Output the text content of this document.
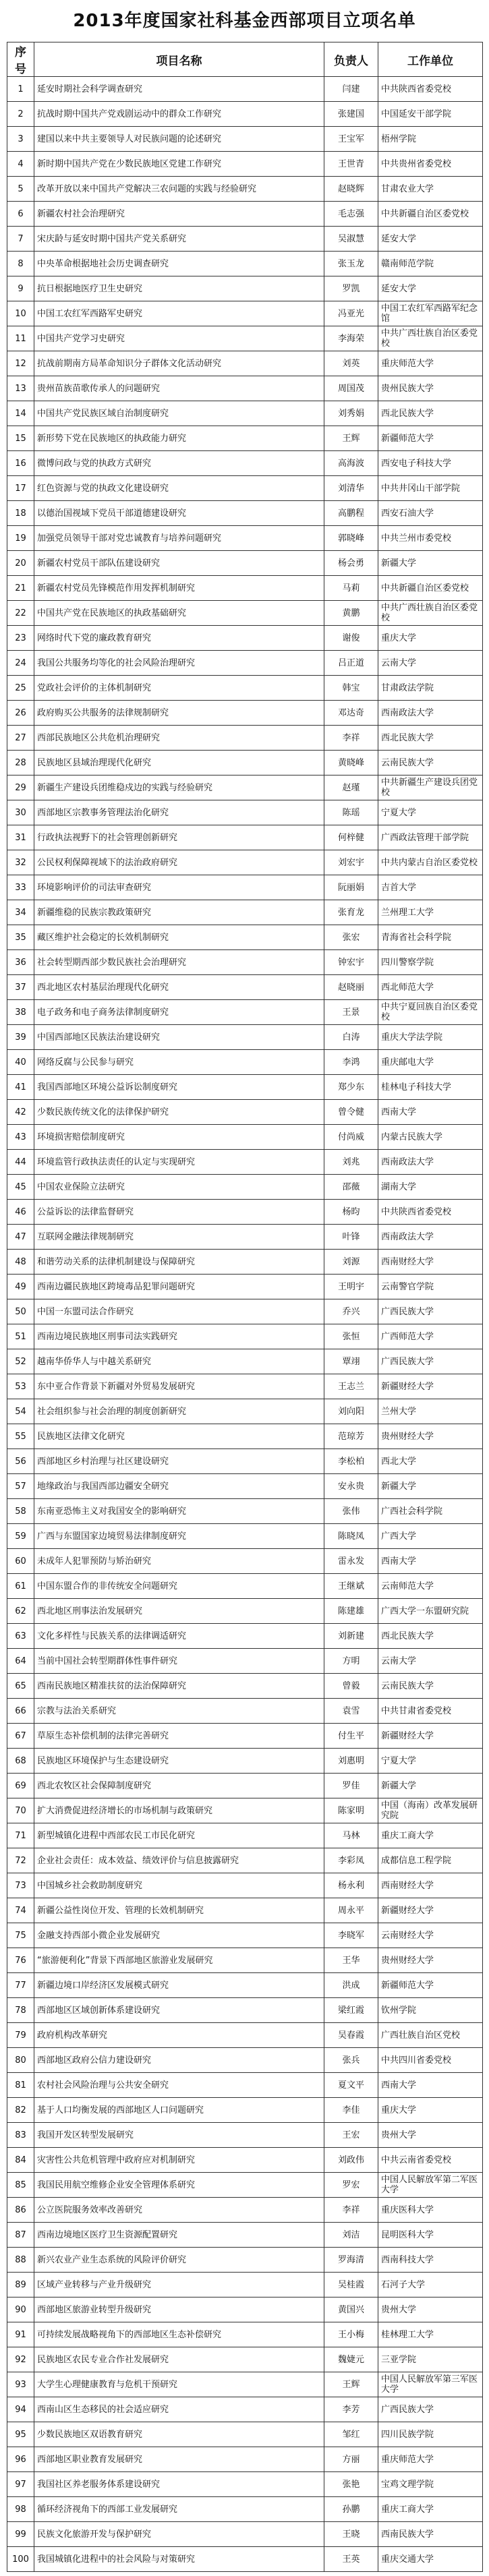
2013年度国家社科基金西部项目立项名单
序号	项目名称	负责人	工作单位
1	延安时期社会科学调查研究	闫建	中共陕西省委党校
2	抗战时期中国共产党戏剧运动中的群众工作研究	张建国	中国延安干部学院
3	建国以来中共主要领导人对民族问题的论述研究	王宝军	梧州学院
4	新时期中国共产党在少数民族地区党建工作研究	王世青	中共贵州省委党校
5	改革开放以来中国共产党解决三农问题的实践与经验研究	赵晓辉	甘肃农业大学
6	新疆农村社会治理研究	毛志强	中共新疆自治区委党校
7	宋庆龄与延安时期中国共产党关系研究	吴淑慧	延安大学
8	中央革命根据地社会历史调查研究	张玉龙	赣南师范学院
9	抗日根据地医疗卫生史研究	罗凯	延安大学
10	中国工农红军西路军史研究	冯亚光	中国工农红军西路军纪念馆
11	中国共产党学习史研究	李海荣	中共广西壮族自治区委党校
12	抗战前期南方局革命知识分子群体文化活动研究	刘英	重庆师范大学
13	贵州苗族苗歌传承人的问题研究	周国茂	贵州民族大学
14	中国共产党民族区域自治制度研究	刘秀娟	西北民族大学
15	新形势下党在民族地区的执政能力研究	王辉	新疆师范大学
16	微博问政与党的执政方式研究	高海波	西安电子科技大学
17	红色资源与党的执政文化建设研究	刘清华	中共井冈山干部学院
18	以德治国视域下党员干部道德建设研究	高鹏程	西安石油大学
19	加强党员领导干部对党忠诚教育与培养问题研究	郭晓峰	中共兰州市委党校
20	新疆农村党员干部队伍建设研究	杨会勇	新疆大学
21	新疆农村党员先锋模范作用发挥机制研究	马莉	中共新疆自治区委党校
22	中国共产党在民族地区的执政基础研究	黄鹏	中共广西壮族自治区委党校
23	网络时代下党的廉政教育研究	谢俊	重庆大学
24	我国公共服务均等化的社会风险治理研究	吕正道	云南大学
25	党政社会评价的主体机制研究	韩宝	甘肃政法学院
26	政府购买公共服务的法律规制研究	邓达奇	西南政法大学
27	西部民族地区公共危机治理研究	李祥	西北民族大学
28	民族地区县域治理现代化研究	黄晓峰	云南民族大学
29	新疆生产建设兵团维稳戍边的实践与经验研究	赵瑾	中共新疆生产建设兵团党校
30	西部地区宗教事务管理法治化研究	陈瑶	宁夏大学
31	行政执法视野下的社会管理创新研究	何梓健	广西政法管理干部学院
32	公民权利保障视域下的法治政府研究	刘宏宇	中共内蒙古自治区委党校
33	环境影响评价的司法审查研究	阮丽娟	吉首大学
34	新疆维稳的民族宗教政策研究	张育龙	兰州理工大学
35	藏区维护社会稳定的长效机制研究	张宏	青海省社会科学院
36	社会转型期西部少数民族社会治理研究	钟宏宇	四川警察学院
37	西北地区农村基层治理现代化研究	赵晓丽	西北师范大学
38	电子政务和电子商务法律制度研究	王景	中共宁夏回族自治区委党校
39	中国西部地区民族法治建设研究	白涛	重庆大学法学院
40	网络反腐与公民参与研究	李鸿	重庆邮电大学
41	我国西部地区环境公益诉讼制度研究	郑少东	桂林电子科技大学
42	少数民族传统文化的法律保护研究	曾令健	西南大学
43	环境损害赔偿制度研究	付尚威	内蒙古民族大学
44	环境监管行政执法责任的认定与实现研究	刘兆	西南政法大学
45	中国农业保险立法研究	邵薇	湖南大学
46	公益诉讼的法律监督研究	杨昀	中共陕西省委党校
47	互联网金融法律规制研究	叶锋	西南政法大学
48	和谐劳动关系的法律机制建设与保障研究	刘源	西南财经大学
49	西南边疆民族地区跨境毒品犯罪问题研究	王明宇	云南警官学院
50	中国一东盟司法合作研究	乔兴	广西民族大学
51	西南边境民族地区刑事司法实践研究	张恒	广西师范大学
52	越南华侨华人与中越关系研究	覃翊	广西民族大学
53	东中亚合作背景下新疆对外贸易发展研究	王志兰	新疆财经大学
54	社会组织参与社会治理的制度创新研究	刘向阳	兰州大学
55	民族地区法律文化研究	范琼芳	贵州财经大学
56	西部地区乡村治理与社区建设研究	李松柏	西北大学
57	地缘政治与我国西部边疆安全研究	安永贵	新疆大学
58	东南亚恐怖主义对我国安全的影响研究	张伟	广西社会科学院
59	广西与东盟国家边境贸易法律制度研究	陈晓凤	广西大学
60	未成年人犯罪预防与矫治研究	雷永发	西南大学
61	中国东盟合作的非传统安全问题研究	王继斌	云南师范大学
62	西北地区刑事法治发展研究	陈建雄	广西大学一东盟研究院
63	文化多样性与民族关系的法律调适研究	刘新建	西北民族大学
64	当前中国社会转型期群体性事件研究	方明	云南大学
65	西南民族地区精准扶贫的法治保障研究	曾毅	云南民族大学
66	宗教与法治关系研究	袁雪	中共甘肃省委党校
67	草原生态补偿机制的法律完善研究	付生平	新疆财经大学
68	民族地区环境保护与生态建设研究	刘惠明	宁夏大学
69	西北农牧区社会保障制度研究	罗佳	新疆大学
70	扩大消费促进经济增长的市场机制与政策研究	陈家明	中国（海南）改革发展研究院
71	新型城镇化进程中西部农民工市民化研究	马林	重庆工商大学
72	企业社会责任：成本效益、绩效评价与信息披露研究	李彩凤	成都信息工程学院
73	中国城乡社会救助制度研究	杨永利	西南财经大学
74	新疆公益性岗位开发、管理的长效机制研究	周永平	新疆财经大学
75	金融支持西部小微企业发展研究	李晓军	云南财经大学
76	“旅游便利化”背景下西部地区旅游业发展研究	王华	贵州财经大学
77	新疆边境口岸经济区发展模式研究	洪成	新疆师范大学
78	西部地区区域创新体系建设研究	梁红霞	钦州学院
79	政府机构改革研究	吴春霞	广西壮族自治区党校
80	西部地区政府公信力建设研究	张兵	中共四川省委党校
81	农村社会风险治理与公共安全研究	夏文平	西南大学
82	基于人口均衡发展的西部地区人口问题研究	李佳	重庆大学
83	我国开发区转型发展研究	王宏	贵州大学
84	灾害性公共危机管理中政府应对机制研究	刘政伟	中共云南省委党校
85	我国民用航空维修企业安全管理体系研究	罗宏	中国人民解放军第二军医大学
86	公立医院服务效率改善研究	李祥	重庆医科大学
87	西南边境地区医疗卫生资源配置研究	刘洁	昆明医科大学
88	新兴农业产业生态系统的风险评价研究	罗海清	西南科技大学
89	区域产业转移与产业升级研究	吴桂霞	石河子大学
90	西部地区旅游业转型升级研究	黄国兴	贵州大学
91	可持续发展战略视角下的西部地区生态补偿研究	王小梅	桂林理工大学
92	民族地区农民专业合作社发展研究	魏婕元	三亚学院
93	大学生心理健康教育与危机干预研究	王辉	中国人民解放军第三军医大学
94	西南山区生态移民的社会适应研究	李芳	广西民族大学
95	少数民族地区双语教育研究	邹红	四川民族学院
96	西部地区职业教育发展研究	方丽	重庆师范大学
97	我国社区养老服务体系建设研究	张艳	宝鸡文理学院
98	循环经济视角下的西部工业发展研究	孙鹏	重庆工商大学
99	民族文化旅游开发与保护研究	王晓	西南民族大学
100	我国城镇化进程中的社会风险与对策研究	王英	重庆交通大学
